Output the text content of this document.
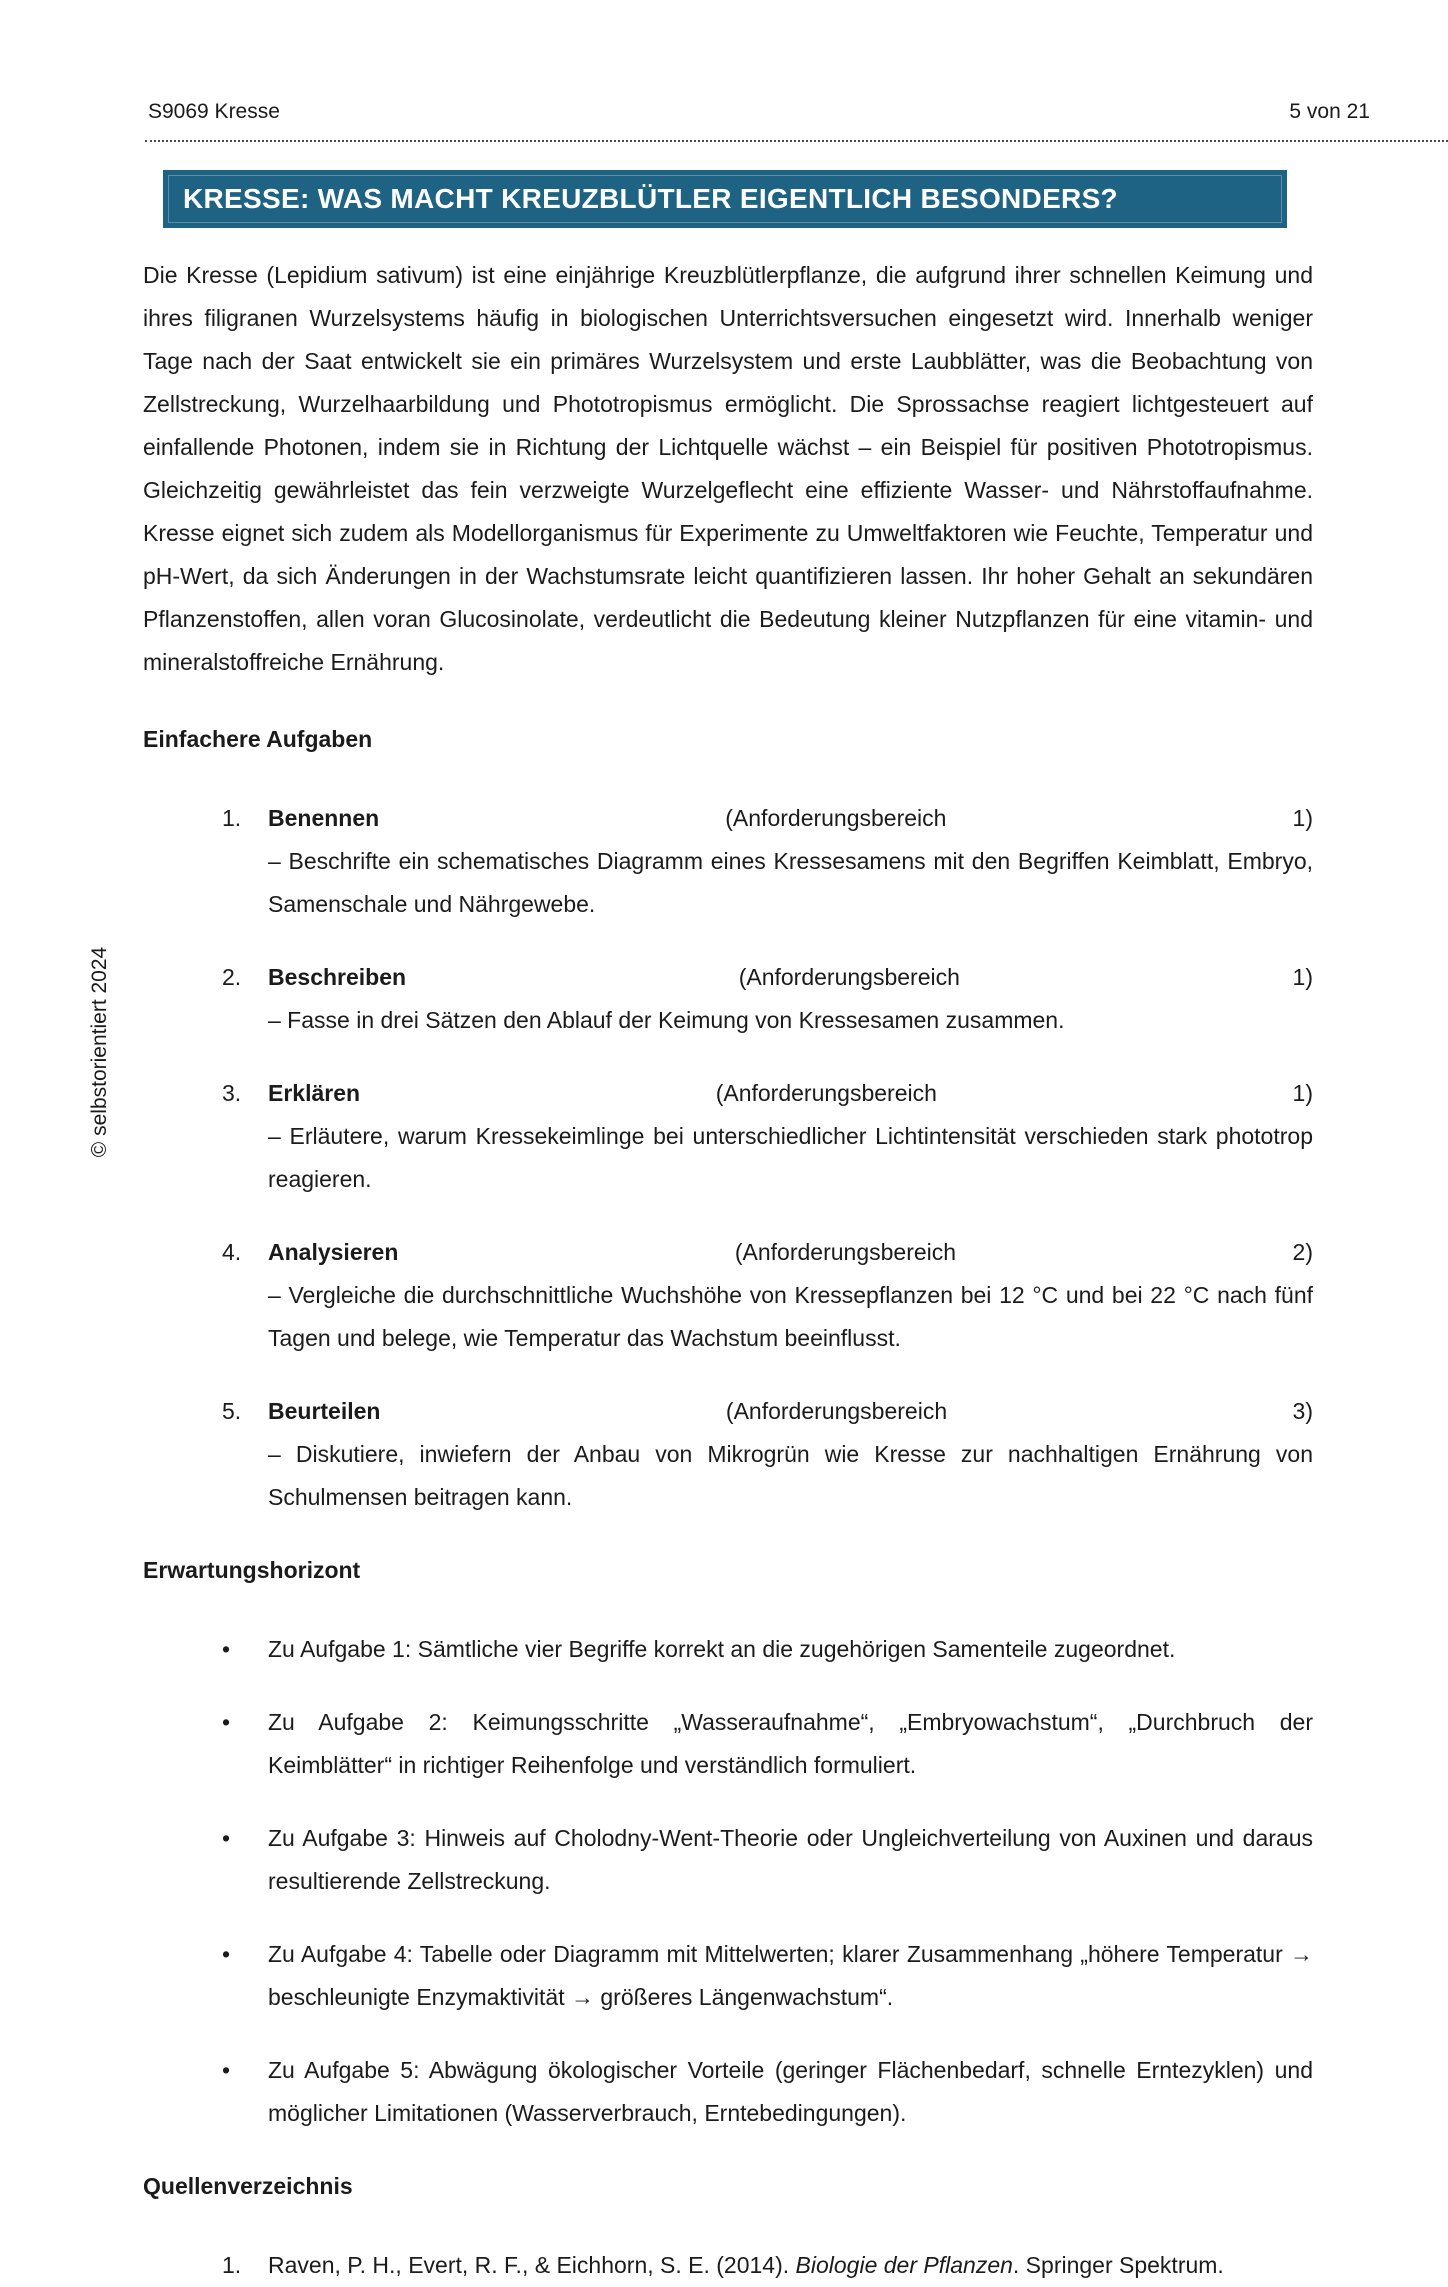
S9069 Kresse	5 von 21
KRESSE: WAS MACHT KREUZBLÜTLER EIGENTLICH BESONDERS?
© selbstorientiert 2024

Die Kresse (Lepidium sativum) ist eine einjährige Kreuzblütlerpflanze, die aufgrund ihrer schnellen Keimung und ihres filigranen Wurzelsystems häufig in biologischen Unterrichtsversuchen eingesetzt wird. Innerhalb weniger Tage nach der Saat entwickelt sie ein primäres Wurzelsystem und erste Laubblätter, was die Beobachtung von Zellstreckung, Wurzelhaarbildung und Phototropismus ermöglicht. Die Sprossachse reagiert lichtgesteuert auf einfallende Photonen, indem sie in Richtung der Lichtquelle wächst – ein Beispiel für positiven Phototropismus. Gleichzeitig gewährleistet das fein verzweigte Wurzelgeflecht eine effiziente Wasser- und Nährstoffaufnahme. Kresse eignet sich zudem als Modellorganismus für Experimente zu Umweltfaktoren wie Feuchte, Temperatur und pH-Wert, da sich Änderungen in der Wachstumsrate leicht quantifizieren lassen. Ihr hoher Gehalt an sekundären Pflanzenstoffen, allen voran Glucosinolate, verdeutlicht die Bedeutung kleiner Nutzpflanzen für eine vitamin- und mineralstoffreiche Ernährung.

Einfachere Aufgaben
1.	Benennen	(Anforderungsbereich	1)
– Beschrifte ein schematisches Diagramm eines Kressesamens mit den Begriffen Keimblatt, Embryo, Samenschale und Nährgewebe.
2.	Beschreiben	(Anforderungsbereich	1)
– Fasse in drei Sätzen den Ablauf der Keimung von Kressesamen zusammen.
3.	Erklären	(Anforderungsbereich	1)
– Erläutere, warum Kressekeimlinge bei unterschiedlicher Lichtintensität verschieden stark phototrop reagieren.
4.	Analysieren	(Anforderungsbereich	2)
– Vergleiche die durchschnittliche Wuchshöhe von Kressepflanzen bei 12 °C und bei 22 °C nach fünf Tagen und belege, wie Temperatur das Wachstum beeinflusst.
5.	Beurteilen	(Anforderungsbereich	3)
– Diskutiere, inwiefern der Anbau von Mikrogrün wie Kresse zur nachhaltigen Ernährung von Schulmensen beitragen kann.
Erwartungshorizont
•	Zu Aufgabe 1: Sämtliche vier Begriffe korrekt an die zugehörigen Samenteile zugeordnet.
•	Zu Aufgabe 2: Keimungsschritte „Wasseraufnahme“, „Embryowachstum“, „Durchbruch der Keimblätter“ in richtiger Reihenfolge und verständlich formuliert.
•	Zu Aufgabe 3: Hinweis auf Cholodny-Went-Theorie oder Ungleichverteilung von Auxinen und daraus resultierende Zellstreckung.
•	Zu Aufgabe 4: Tabelle oder Diagramm mit Mittelwerten; klarer Zusammenhang „höhere Temperatur → beschleunigte Enzymaktivität → größeres Längenwachstum“.
•	Zu Aufgabe 5: Abwägung ökologischer Vorteile (geringer Flächenbedarf, schnelle Erntezyklen) und möglicher Limitationen (Wasserverbrauch, Erntebedingungen).
Quellenverzeichnis
1.	Raven, P. H., Evert, R. F., & Eichhorn, S. E. (2014). Biologie der Pflanzen. Springer Spektrum.
